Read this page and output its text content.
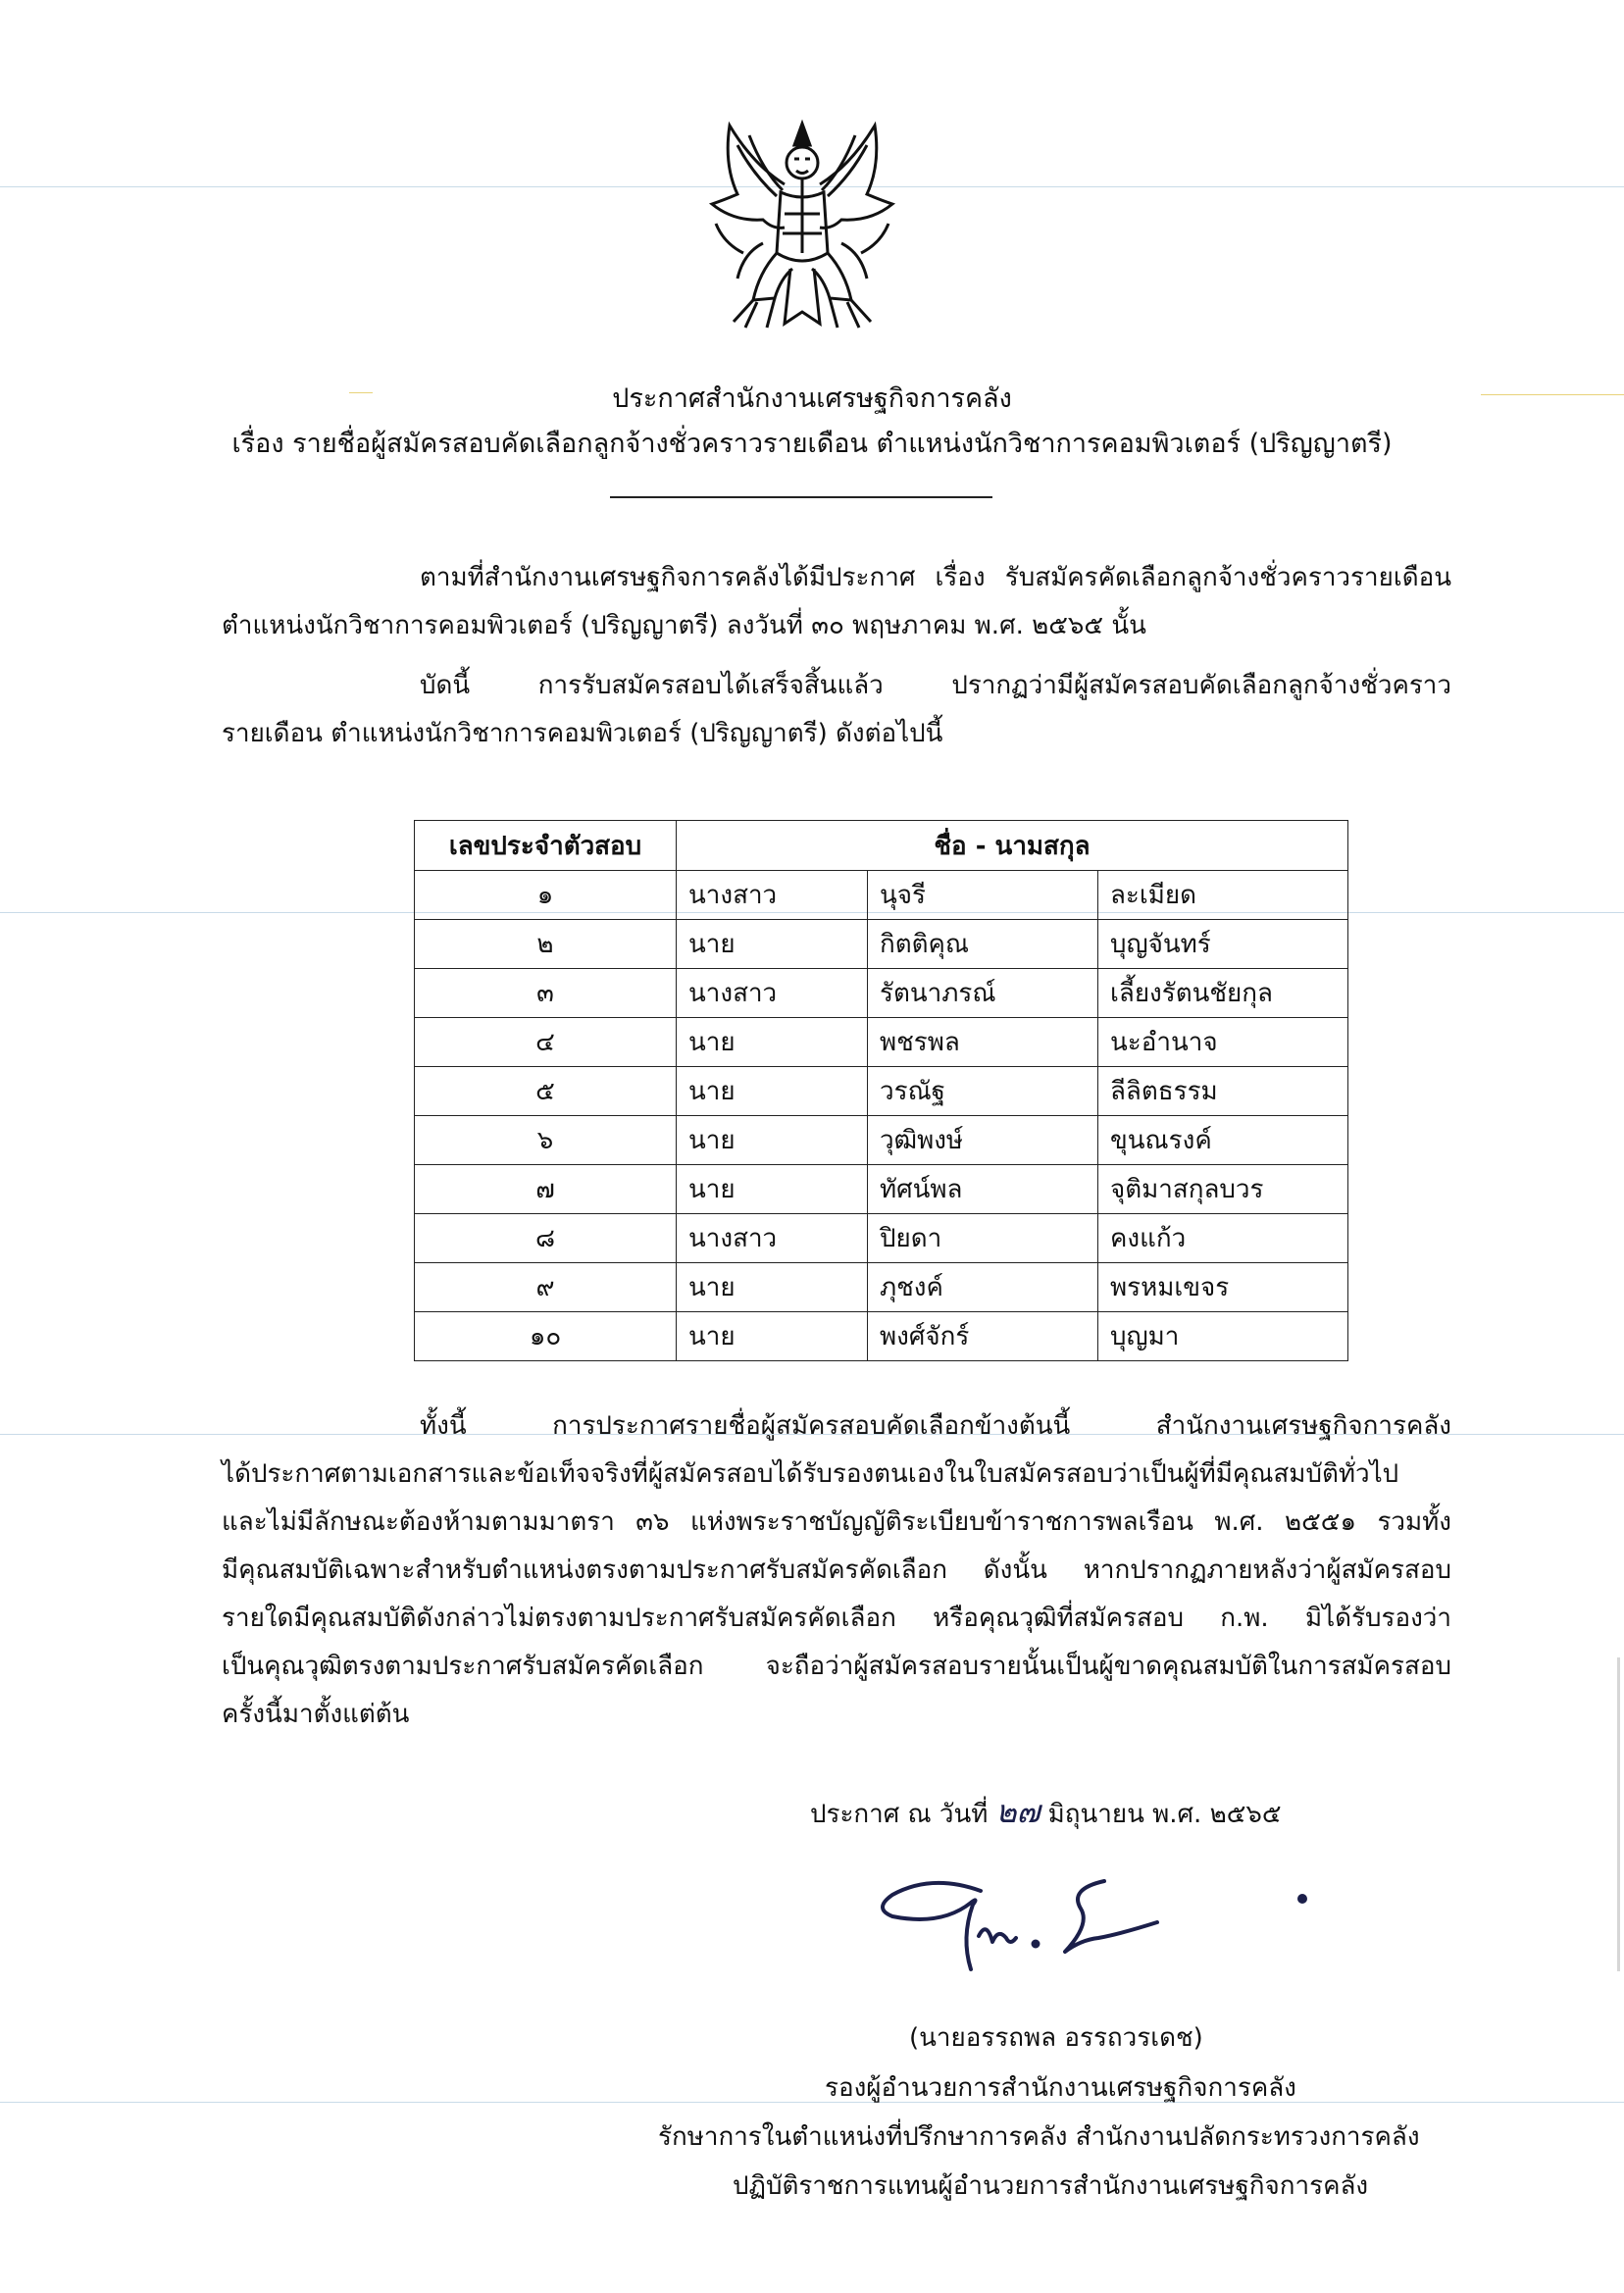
ประกาศสำนักงานเศรษฐกิจการคลัง
เรื่อง รายชื่อผู้สมัครสอบคัดเลือกลูกจ้างชั่วคราวรายเดือน ตำแหน่งนักวิชาการคอมพิวเตอร์ (ปริญญาตรี)
ตามที่สำนักงานเศรษฐกิจการคลังได้มีประกาศ เรื่อง รับสมัครคัดเลือกลูกจ้างชั่วคราวรายเดือน
ตำแหน่งนักวิชาการคอมพิวเตอร์ (ปริญญาตรี) ลงวันที่ ๓๐ พฤษภาคม พ.ศ. ๒๕๖๕ นั้น
บัดนี้ การรับสมัครสอบได้เสร็จสิ้นแล้ว ปรากฏว่ามีผู้สมัครสอบคัดเลือกลูกจ้างชั่วคราว
รายเดือน ตำแหน่งนักวิชาการคอมพิวเตอร์ (ปริญญาตรี) ดังต่อไปนี้
เลขประจำตัวสอบ	ชื่อ - นามสกุล		
๑	นางสาว	นุจรี	ละเมียด
๒	นาย	กิตติคุณ	บุญจันทร์
๓	นางสาว	รัตนาภรณ์	เลี้ยงรัตนชัยกุล
๔	นาย	พชรพล	นะอำนาจ
๕	นาย	วรณัฐ	ลีลิตธรรม
๖	นาย	วุฒิพงษ์	ขุนณรงค์
๗	นาย	ทัศน์พล	จุติมาสกุลบวร
๘	นางสาว	ปิยดา	คงแก้ว
๙	นาย	ภุชงค์	พรหมเขจร
๑๐	นาย	พงศ์จักร์	บุญมา
ทั้งนี้ การประกาศรายชื่อผู้สมัครสอบคัดเลือกข้างต้นนี้ สำนักงานเศรษฐกิจการคลัง
ได้ประกาศตามเอกสารและข้อเท็จจริงที่ผู้สมัครสอบได้รับรองตนเองในใบสมัครสอบว่าเป็นผู้ที่มีคุณสมบัติทั่วไป
และไม่มีลักษณะต้องห้ามตามมาตรา ๓๖ แห่งพระราชบัญญัติระเบียบข้าราชการพลเรือน พ.ศ. ๒๕๕๑ รวมทั้ง
มีคุณสมบัติเฉพาะสำหรับตำแหน่งตรงตามประกาศรับสมัครคัดเลือก ดังนั้น หากปรากฏภายหลังว่าผู้สมัครสอบ
รายใดมีคุณสมบัติดังกล่าวไม่ตรงตามประกาศรับสมัครคัดเลือก หรือคุณวุฒิที่สมัครสอบ ก.พ. มิได้รับรองว่า
เป็นคุณวุฒิตรงตามประกาศรับสมัครคัดเลือก จะถือว่าผู้สมัครสอบรายนั้นเป็นผู้ขาดคุณสมบัติในการสมัครสอบ
ครั้งนี้มาตั้งแต่ต้น
ประกาศ ณ วันที่ ๒๗ มิถุนายน พ.ศ. ๒๕๖๕
(นายอรรถพล อรรถวรเดช)
รองผู้อำนวยการสำนักงานเศรษฐกิจการคลัง
รักษาการในตำแหน่งที่ปรึกษาการคลัง สำนักงานปลัดกระทรวงการคลัง
ปฏิบัติราชการแทนผู้อำนวยการสำนักงานเศรษฐกิจการคลัง
